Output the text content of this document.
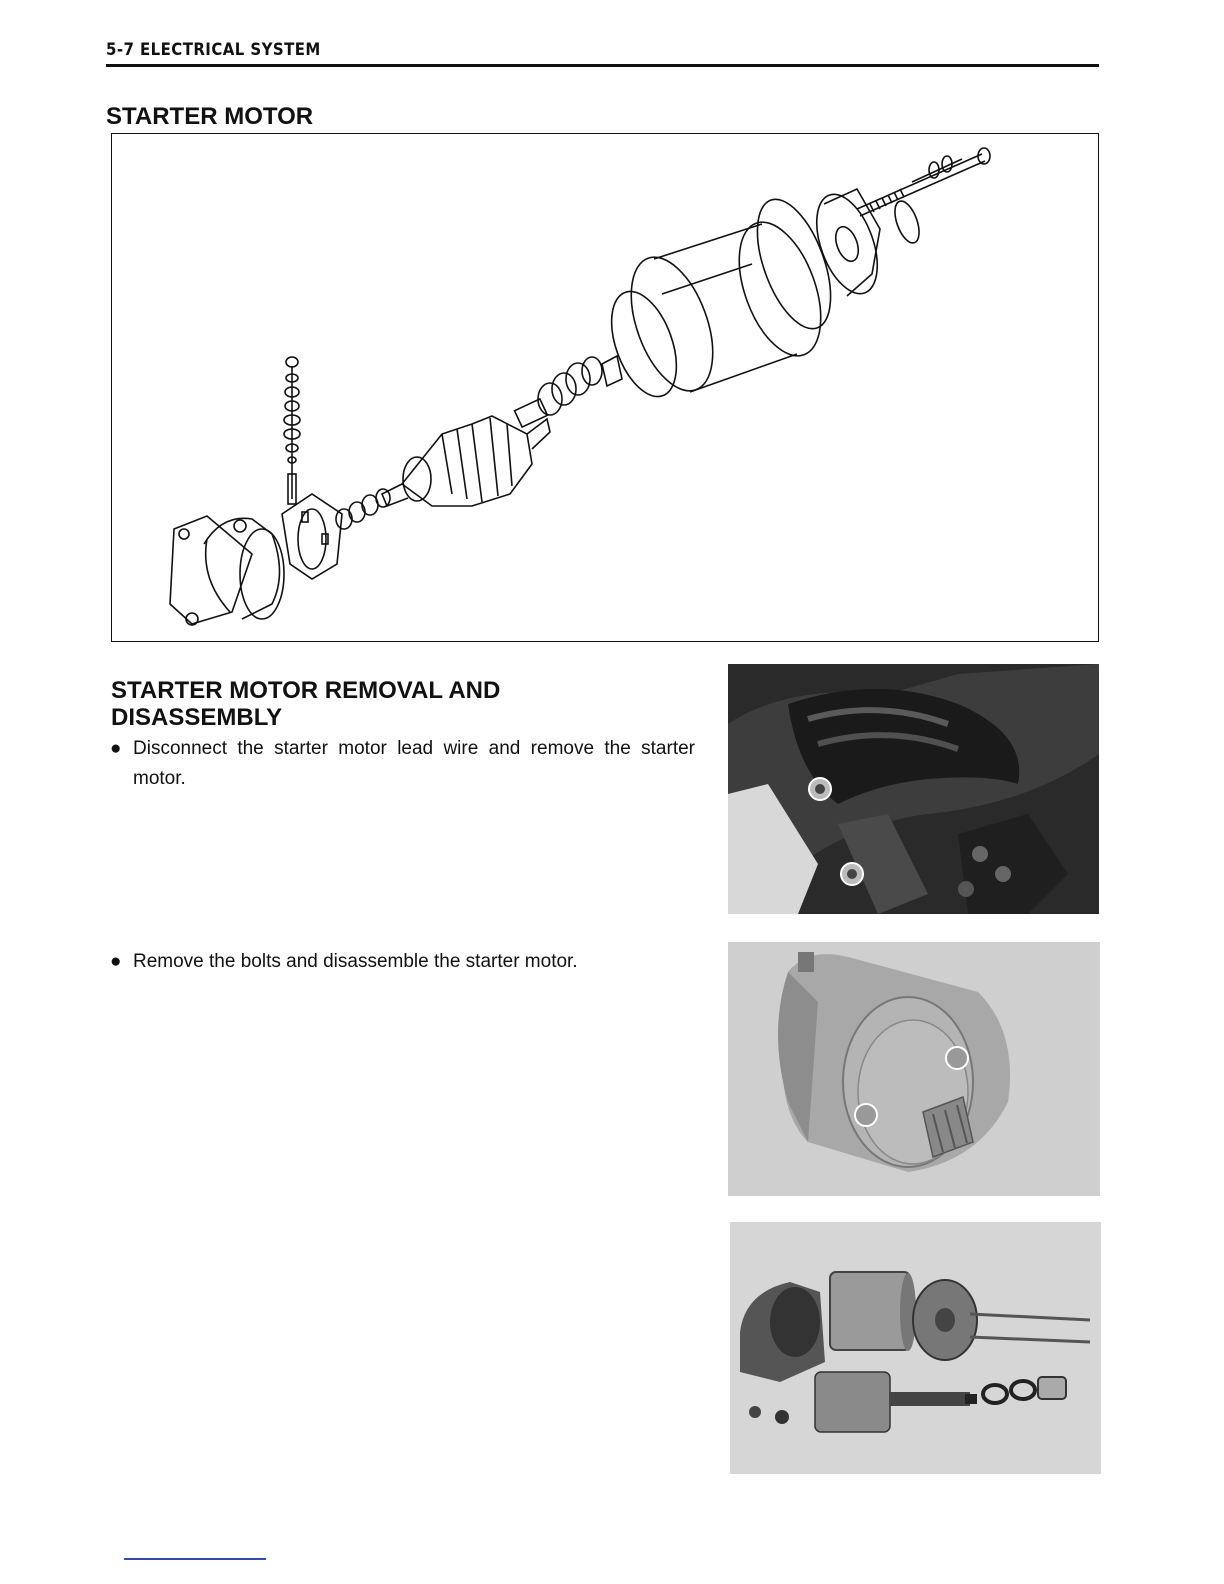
5-7 ELECTRICAL SYSTEM
STARTER MOTOR
STARTER MOTOR REMOVAL AND
DISASSEMBLY
● Disconnect the starter motor lead wire and remove the starter motor.
● Remove the bolts and disassemble the starter motor.
